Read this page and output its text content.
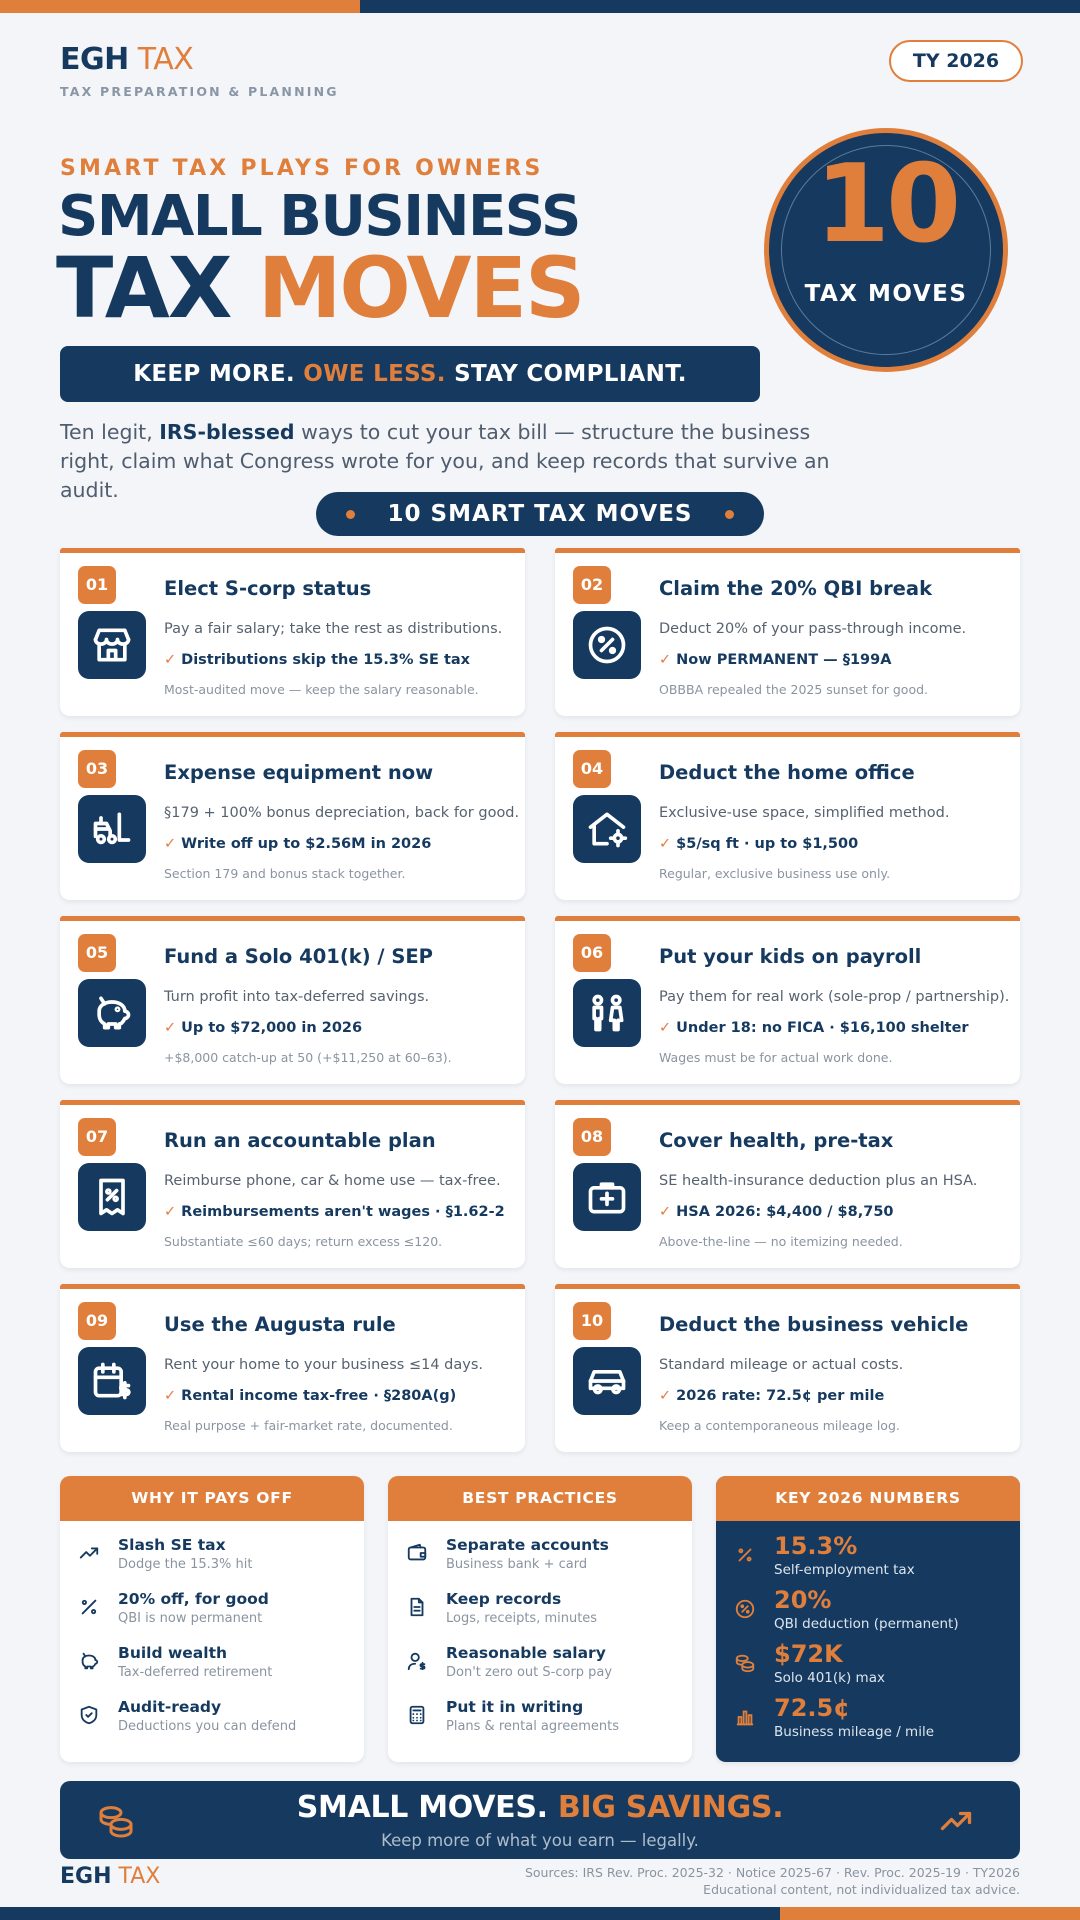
EGH TAX
TAX PREPARATION & PLANNING
TY 2026
SMART TAX PLAYS FOR OWNERS
SMALL BUSINESS
TAX MOVES
10
TAX MOVES
KEEP MORE. OWE LESS. STAY COMPLIANT.
Ten legit, IRS-blessed ways to cut your tax bill — structure the business right, claim what Congress wrote for you, and keep records that survive an audit.
10 SMART TAX MOVES
01	Elect S-corp status
Pay a fair salary; take the rest as distributions.
✓ Distributions skip the 15.3% SE tax
Most-audited move — keep the salary reasonable.
02	Claim the 20% QBI break
Deduct 20% of your pass-through income.
✓ Now PERMANENT — §199A
OBBBA repealed the 2025 sunset for good.
03	Expense equipment now
§179 + 100% bonus depreciation, back for good.
✓ Write off up to $2.56M in 2026
Section 179 and bonus stack together.
04	Deduct the home office
Exclusive-use space, simplified method.
✓ $5/sq ft · up to $1,500
Regular, exclusive business use only.
05	Fund a Solo 401(k) / SEP
Turn profit into tax-deferred savings.
✓ Up to $72,000 in 2026
+$8,000 catch-up at 50 (+$11,250 at 60–63).
06	Put your kids on payroll
Pay them for real work (sole-prop / partnership).
✓ Under 18: no FICA · $16,100 shelter
Wages must be for actual work done.
07	Run an accountable plan
Reimburse phone, car & home use — tax-free.
✓ Reimbursements aren't wages · §1.62-2
Substantiate ≤60 days; return excess ≤120.
08	Cover health, pre-tax
SE health-insurance deduction plus an HSA.
✓ HSA 2026: $4,400 / $8,750
Above-the-line — no itemizing needed.
09	Use the Augusta rule
Rent your home to your business ≤14 days.
✓ Rental income tax-free · §280A(g)
Real purpose + fair-market rate, documented.
10	Deduct the business vehicle
Standard mileage or actual costs.
✓ 2026 rate: 72.5¢ per mile
Keep a contemporaneous mileage log.
WHY IT PAYS OFF
Slash SE tax
Dodge the 15.3% hit
20% off, for good
QBI is now permanent
Build wealth
Tax-deferred retirement
Audit-ready
Deductions you can defend
BEST PRACTICES
Separate accounts
Business bank + card
Keep records
Logs, receipts, minutes
Reasonable salary
Don't zero out S-corp pay
Put it in writing
Plans & rental agreements
KEY 2026 NUMBERS
15.3%
Self-employment tax
20%
QBI deduction (permanent)
$72K
Solo 401(k) max
72.5¢
Business mileage / mile
SMALL MOVES. BIG SAVINGS.
Keep more of what you earn — legally.
EGH TAX	Sources: IRS Rev. Proc. 2025-32 · Notice 2025-67 · Rev. Proc. 2025-19 · TY2026
Educational content, not individualized tax advice.
